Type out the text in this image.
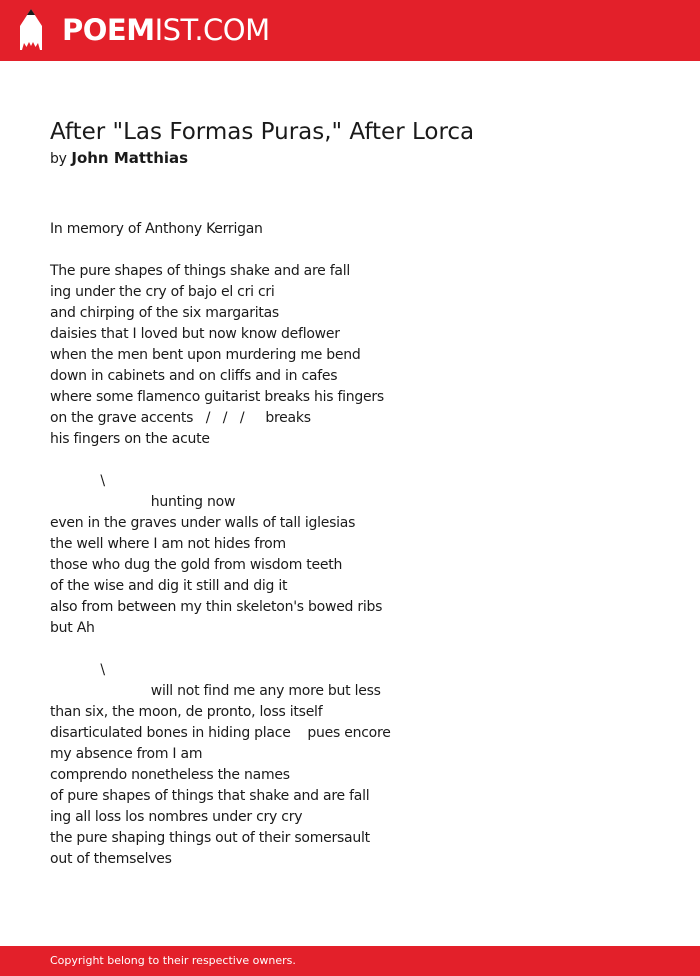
POEMIST.COM
After "Las Formas Puras," After Lorca
by John Matthias
In memory of Anthony Kerrigan
The pure shapes of things shake and are fall
ing under the cry of bajo el cri cri
and chirping of the six margaritas
daisies that I loved but now know deflower
when the men bent upon murdering me bend
down in cabinets and on cliffs and in cafes
where some flamenco guitarist breaks his fingers
on the grave accents   /   /   /     breaks
his fingers on the acute
\
hunting now
even in the graves under walls of tall iglesias
the well where I am not hides from
those who dug the gold from wisdom teeth
of the wise and dig it still and dig it
also from between my thin skeleton's bowed ribs
but Ah
\
will not find me any more but less
than six, the moon, de pronto, loss itself
disarticulated bones in hiding place    pues encore
my absence from I am
comprendo nonetheless the names
of pure shapes of things that shake and are fall
ing all loss los nombres under cry cry
the pure shaping things out of their somersault
out of themselves
Copyright belong to their respective owners.
